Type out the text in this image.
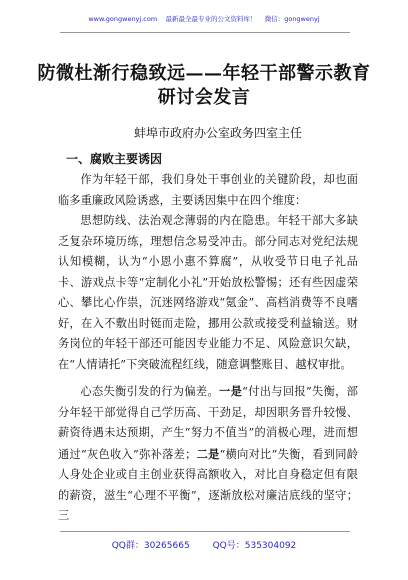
www.gongwenyj.com 最新最全最专业的公文资料库！ 微信：gongwenyj
防微杜渐行稳致远——年轻干部警示教育
研讨会发言
蚌埠市政府办公室政务四室主任
一、腐败主要诱因

作为年轻干部，我们身处干事创业的关键阶段，却也面临多重廉政风险诱惑，主要诱因集中在四个维度：

思想防线、法治观念薄弱的内在隐患。年轻干部大多缺乏复杂环境历练，理想信念易受冲击。部分同志对党纪法规认知模糊，认为“小恩小惠不算腐”，从收受节日电子礼品卡、游戏点卡等“定制化小礼”开始放松警惕；还有些因虚荣心、攀比心作祟，沉迷网络游戏“氪金”、高档消费等不良嗜好，在入不敷出时铤而走险，挪用公款或接受利益输送。财务岗位的年轻干部还可能因专业能力不足、风险意识欠缺，在“人情请托”下突破流程红线，随意调整账目、越权审批。

心态失衡引发的行为偏差。一是“付出与回报”失衡，部分年轻干部觉得自己学历高、干劲足，却因职务晋升较慢、薪资待遇未达预期，产生“努力不值当”的消极心理，进而想通过“灰色收入”弥补落差；二是“横向对比”失衡，看到同龄人身处企业或自主创业获得高额收入，对比自身稳定但有限的薪资，滋生“心理不平衡”，逐渐放松对廉洁底线的坚守；三

QQ群：30265665	QQ号：535304092
